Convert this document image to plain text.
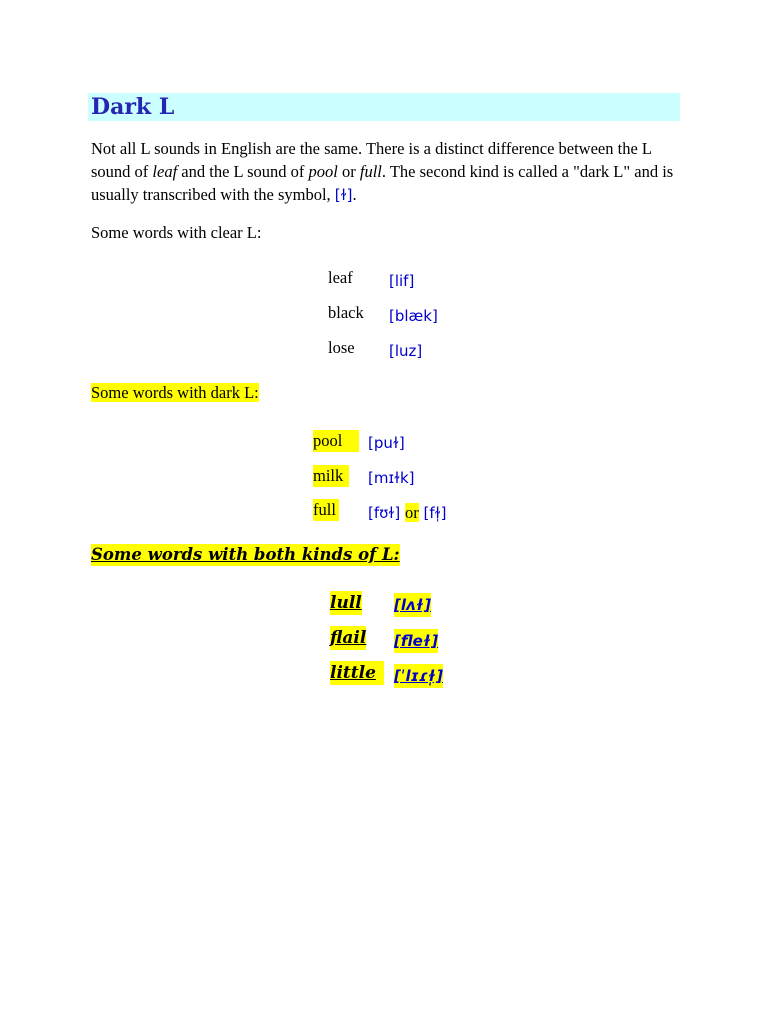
Dark L
Not all L sounds in English are the same. There is a distinct difference between the L sound of leaf and the L sound of pool or full. The second kind is called a "dark L" and is usually transcribed with the symbol, [ɫ].
Some words with clear L:
leaf [lif]
black [blæk]
lose [luz]
Some words with dark L:
pool	[puɫ]
milk	[mɪɫk]
full [fʊɫ] or [fɫ̩]
Some words with both kinds of L:
lull [lʌɫ]
flail [fleɫ]
little	[ˈlɪɾɫ̩]
